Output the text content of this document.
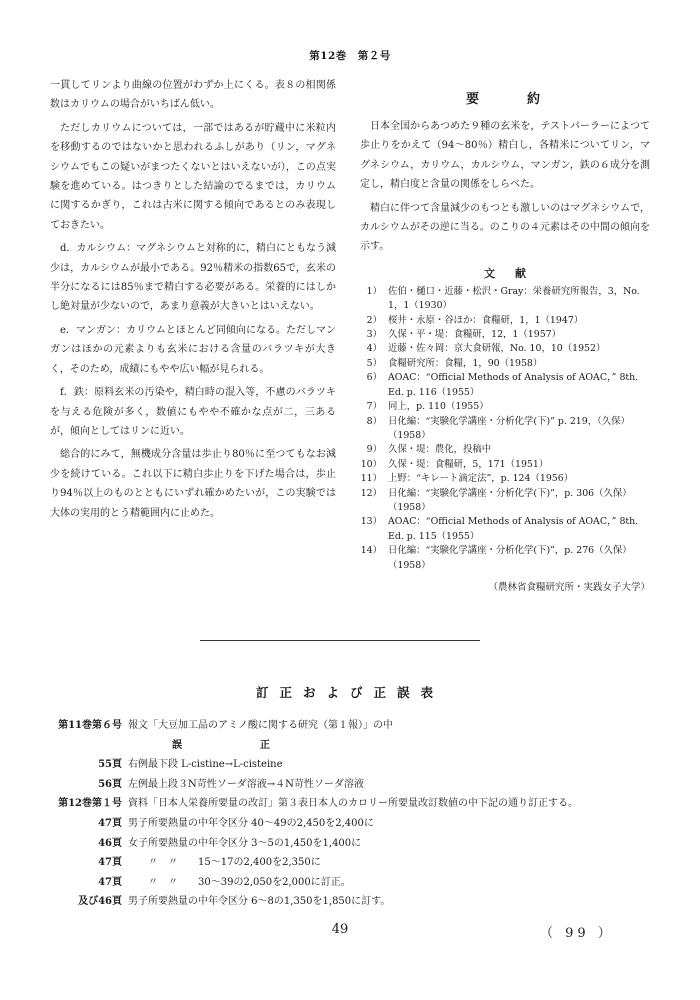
第12巻　第２号

一貫してリンより曲線の位置がわずか上にくる。表８の相関係数はカリウムの場合がいちばん低い。

ただしカリウムについては，一部ではあるが貯蔵中に米粒内を移動するのではないかと思われるふしがあり（リン，マグネシウムでもこの疑いがまつたくないとはいえないが），この点実験を進めている。はつきりとした結論のでるまでは，カリウムに関するかぎり，これは古米に関する傾向であるとのみ表現しておきたい。

d．カルシウム：マグネシウムと対称的に，精白にともなう減少は，カルシウムが最小である。92％精米の指数65で，玄米の半分になるには85％まで精白する必要がある。栄養的にはしかし絶対量が少ないので，あまり意義が大きいとはいえない。

e．マンガン：カリウムとほとんど同傾向になる。ただしマンガンはほかの元素よりも玄米における含量のバラツキが大きく，そのため，成績にもやや広い幅が見られる。

f．鉄：原料玄米の汚染や，精白時の混入等，不慮のバラツキを与える危険が多く，数値にもやや不確かな点が二，三あるが，傾向としてはリンに近い。

総合的にみて，無機成分含量は歩止り80％に至つてもなお減少を続けている。これ以下に精白歩止りを下げた場合は，歩止り94％以上のものとともにいずれ確かめたいが，この実験では大体の実用的とう精範囲内に止めた。

要約

日本全国からあつめた９種の玄米を，テストパーラーによつて歩止りをかえて（94～80％）精白し，各精米についてリン，マグネシウム，カリウム，カルシウム，マンガン，鉄の６成分を測定し，精白度と含量の関係をしらべた。

精白に伴つて含量減少のもつとも激しいのはマグネシウムで，カルシウムがその逆に当る。のこりの４元素はその中間の傾向を示す。

文献
1） 佐伯・樋口・近藤・松沢・Gray：栄養研究所報告，3，No. 1，1（1930）
2） 桜井・永原・谷ほか：食糧研，1，1（1947）
3） 久保・平・堤：食糧研，12，1（1957）
4） 近藤・佐々岡：京大食研報，No. 10，10（1952）
5） 食糧研究所：食糧，1，90（1958）
6） AOAC：“Official Methods of Analysis of AOAC，” 8th. Ed. p. 116（1955）
7） 同上，p. 110（1955）
8） 日化編：“実験化学講座・分析化学(下)” p. 219，（久保）（1958）
9） 久保・堤：農化，投稿中
10） 久保・堤：食糧研，5，171（1951）
11） 上野：“キレート滴定法”，p. 124（1956）
12） 日化編：“実験化学講座・分析化学(下)”，p. 306（久保）（1958）
13） AOAC：“Official Methods of Analysis of AOAC，” 8th. Ed. p. 115（1955）
14） 日化編：“実験化学講座・分析化学(下)”，p. 276（久保）（1958）
（農林省食糧研究所・実践女子大学）
訂正および正誤表
第11巻第６号 報文「大豆加工品のアミノ酸に関する研究（第１報）」の中
誤　正
55頁 右例最下段 L-cistine→L-cisteine
56頁 左例最上段３N苛性ソーダ溶液→４N苛性ソーダ溶液
第12巻第１号 資料「日本人栄養所要量の改訂」第３表日本人のカロリー所要量改訂数値の中下記の通り訂正する。
47頁 男子所要熱量の中年令区分 40～49の2,450を2,400に
46頁 女子所要熱量の中年令区分 3～5の1,450を1,400に
47頁	〃　〃 15～17の2,400を2,350に
47頁	〃　〃 30～39の2,050を2,000に訂正。
及び46頁 男子所要熱量の中年令区分 6～8の1,350を1,850に訂す。
49	（ 99 ）
